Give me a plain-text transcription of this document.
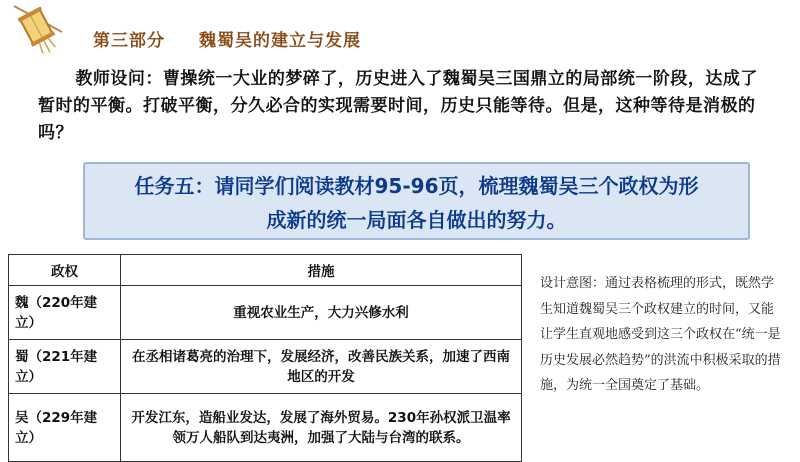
第三部分 魏蜀吴的建立与发展
教师设问：曹操统一大业的梦碎了，历史进入了魏蜀吴三国鼎立的局部统一阶段，达成了暂时的平衡。打破平衡，分久必合的实现需要时间，历史只能等待。但是，这种等待是消极的吗？
任务五：请同学们阅读教材95-96页，梳理魏蜀吴三个政权为形
成新的统一局面各自做出的努力。
政权	措施
魏（220年建立）	重视农业生产，大力兴修水利
蜀（221年建立）	在丞相诸葛亮的治理下，发展经济，改善民族关系，加速了西南地区的开发
吴（229年建立）	开发江东，造船业发达，发展了海外贸易。230年孙权派卫温率领万人船队到达夷洲，加强了大陆与台湾的联系。
设计意图：通过表格梳理的形式，既然学生知道魏蜀吴三个政权建立的时间，又能让学生直观地感受到这三个政权在“统一是历史发展必然趋势”的洪流中积极采取的措施，为统一全国奠定了基础。
